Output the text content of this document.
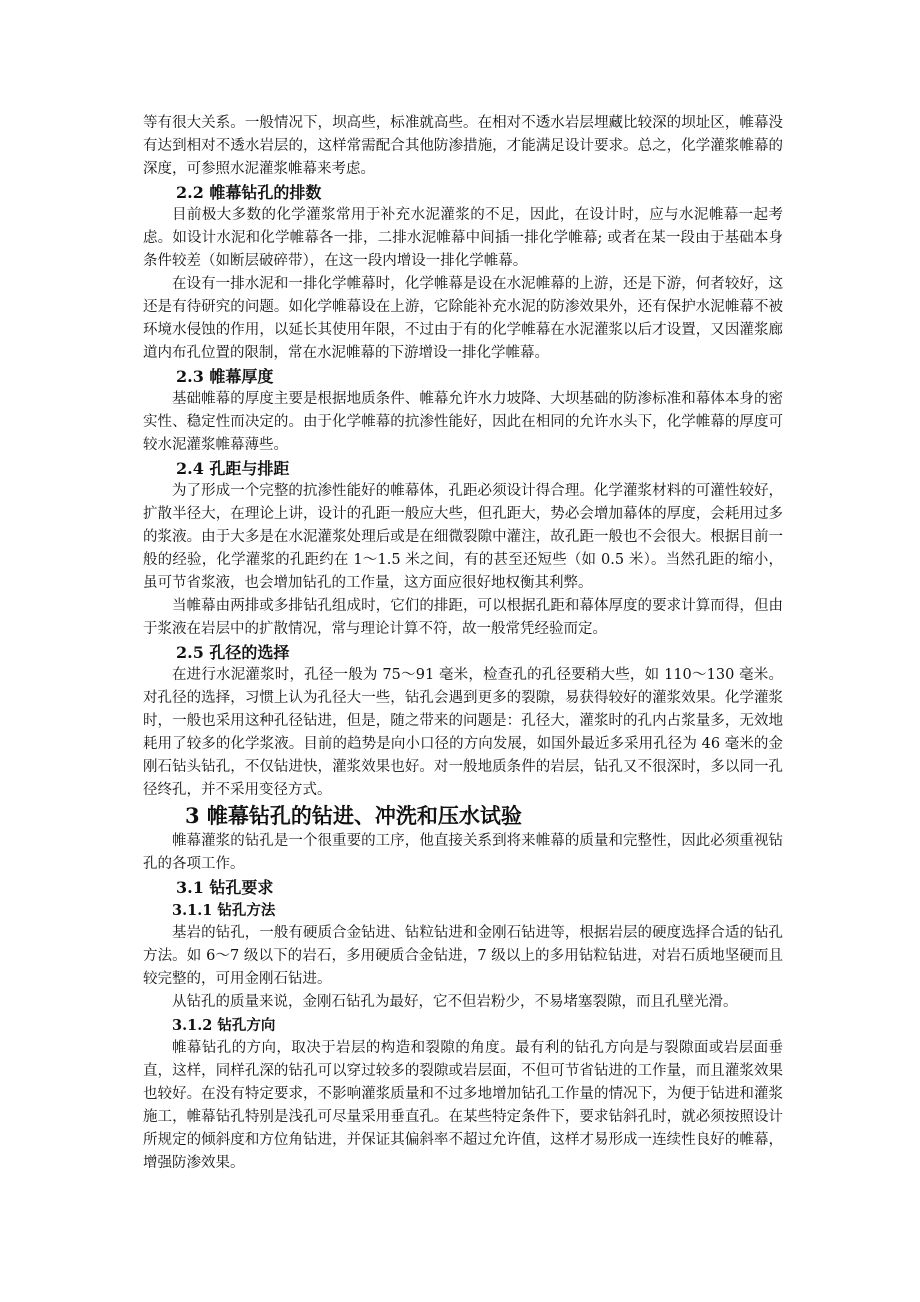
等有很大关系。一般情况下，坝高些，标准就高些。在相对不透水岩层埋藏比较深的坝址区，帷幕没有达到相对不透水岩层的，这样常需配合其他防渗措施，才能满足设计要求。总之，化学灌浆帷幕的深度，可参照水泥灌浆帷幕来考虑。

2.2 帷幕钻孔的排数

目前极大多数的化学灌浆常用于补充水泥灌浆的不足，因此，在设计时，应与水泥帷幕一起考虑。如设计水泥和化学帷幕各一排，二排水泥帷幕中间插一排化学帷幕; 或者在某一段由于基础本身条件较差（如断层破碎带），在这一段内增设一排化学帷幕。

在设有一排水泥和一排化学帷幕时，化学帷幕是设在水泥帷幕的上游，还是下游，何者较好，这还是有待研究的问题。如化学帷幕设在上游，它除能补充水泥的防渗效果外，还有保护水泥帷幕不被环境水侵蚀的作用，以延长其使用年限，不过由于有的化学帷幕在水泥灌浆以后才设置，又因灌浆廊道内布孔位置的限制，常在水泥帷幕的下游增设一排化学帷幕。

2.3 帷幕厚度

基础帷幕的厚度主要是根据地质条件、帷幕允许水力坡降、大坝基础的防渗标准和幕体本身的密实性、稳定性而决定的。由于化学帷幕的抗渗性能好，因此在相同的允许水头下，化学帷幕的厚度可较水泥灌浆帷幕薄些。

2.4 孔距与排距

为了形成一个完整的抗渗性能好的帷幕体，孔距必须设计得合理。化学灌浆材料的可灌性较好，扩散半径大，在理论上讲，设计的孔距一般应大些，但孔距大，势必会增加幕体的厚度，会耗用过多的浆液。由于大多是在水泥灌浆处理后或是在细微裂隙中灌注，故孔距一般也不会很大。根据目前一般的经验，化学灌浆的孔距约在 1～1.5 米之间，有的甚至还短些（如 0.5 米）。当然孔距的缩小，虽可节省浆液，也会增加钻孔的工作量，这方面应很好地权衡其利弊。

当帷幕由两排或多排钻孔组成时，它们的排距，可以根据孔距和幕体厚度的要求计算而得，但由于浆液在岩层中的扩散情况，常与理论计算不符，故一般常凭经验而定。

2.5 孔径的选择

在进行水泥灌浆时，孔径一般为 75～91 毫米，检查孔的孔径要稍大些，如 110～130 毫米。对孔径的选择，习惯上认为孔径大一些，钻孔会遇到更多的裂隙，易获得较好的灌浆效果。化学灌浆时，一般也采用这种孔径钻进，但是，随之带来的问题是：孔径大，灌浆时的孔内占浆量多，无效地耗用了较多的化学浆液。目前的趋势是向小口径的方向发展，如国外最近多采用孔径为 46 毫米的金刚石钻头钻孔，不仅钻进快，灌浆效果也好。对一般地质条件的岩层，钻孔又不很深时，多以同一孔径终孔，并不采用变径方式。

3 帷幕钻孔的钻进、冲洗和压水试验

帷幕灌浆的钻孔是一个很重要的工序，他直接关系到将来帷幕的质量和完整性，因此必须重视钻孔的各项工作。

3.1 钻孔要求
3.1.1 钻孔方法

基岩的钻孔，一般有硬质合金钻进、钻粒钻进和金刚石钻进等，根据岩层的硬度选择合适的钻孔方法。如 6～7 级以下的岩石，多用硬质合金钻进，7 级以上的多用钻粒钻进，对岩石质地坚硬而且较完整的，可用金刚石钻进。

从钻孔的质量来说，金刚石钻孔为最好，它不但岩粉少，不易堵塞裂隙，而且孔壁光滑。

3.1.2 钻孔方向

帷幕钻孔的方向，取决于岩层的构造和裂隙的角度。最有利的钻孔方向是与裂隙面或岩层面垂直，这样，同样孔深的钻孔可以穿过较多的裂隙或岩层面，不但可节省钻进的工作量，而且灌浆效果也较好。在没有特定要求，不影响灌浆质量和不过多地增加钻孔工作量的情况下，为便于钻进和灌浆施工，帷幕钻孔特别是浅孔可尽量采用垂直孔。在某些特定条件下，要求钻斜孔时，就必须按照设计所规定的倾斜度和方位角钻进，并保证其偏斜率不超过允许值，这样才易形成一连续性良好的帷幕，增强防渗效果。
